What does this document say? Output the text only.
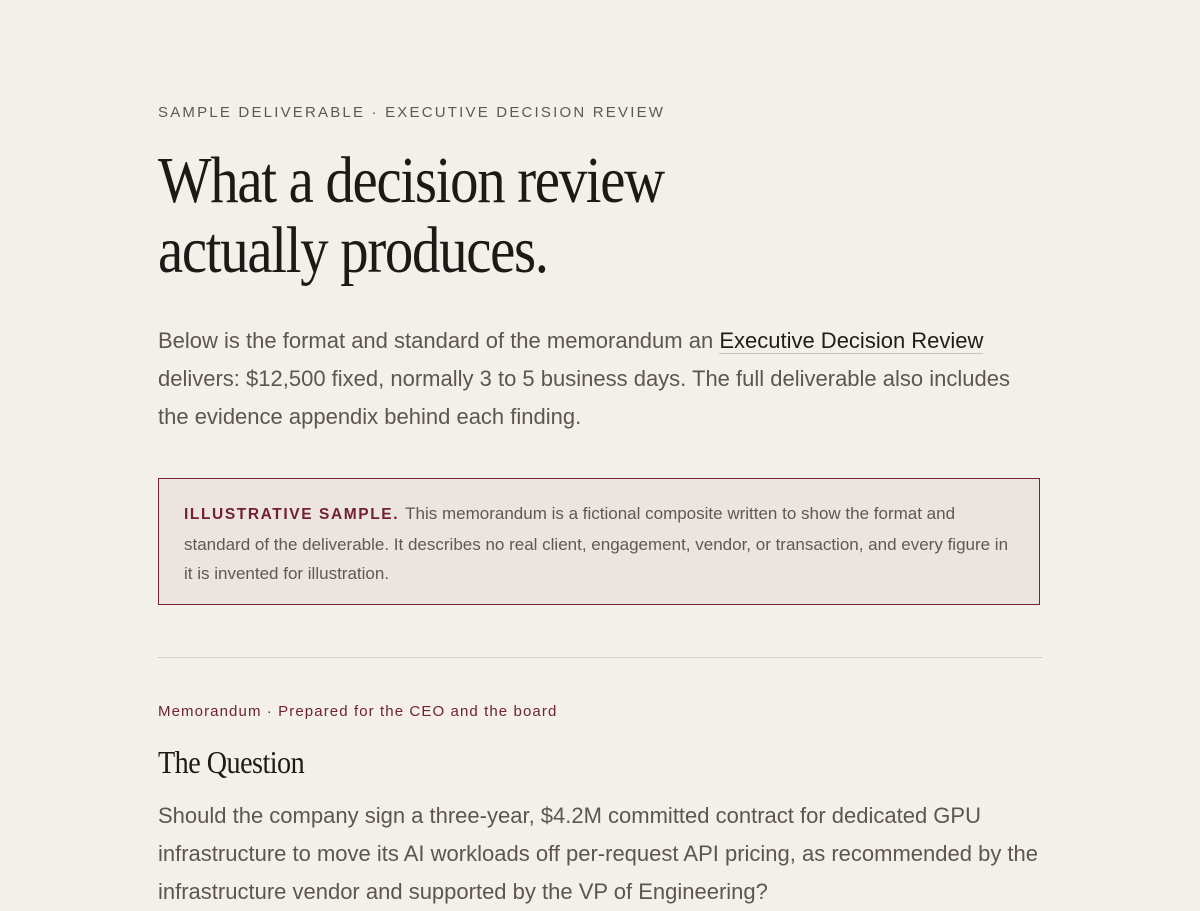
SAMPLE DELIVERABLE · EXECUTIVE DECISION REVIEW
What a decision review
actually produces.

Below is the format and standard of the memorandum an Executive Decision Review delivers: $12,500 fixed, normally 3 to 5 business days. The full deliverable also includes the evidence appendix behind each finding.

ILLUSTRATIVE SAMPLE. This memorandum is a fictional composite written to show the format and standard of the deliverable. It describes no real client, engagement, vendor, or transaction, and every figure in it is invented for illustration.
Memorandum · Prepared for the CEO and the board
The Question

Should the company sign a three-year, $4.2M committed contract for dedicated GPU infrastructure to move its AI workloads off per-request API pricing, as recommended by the infrastructure vendor and supported by the VP of Engineering?
